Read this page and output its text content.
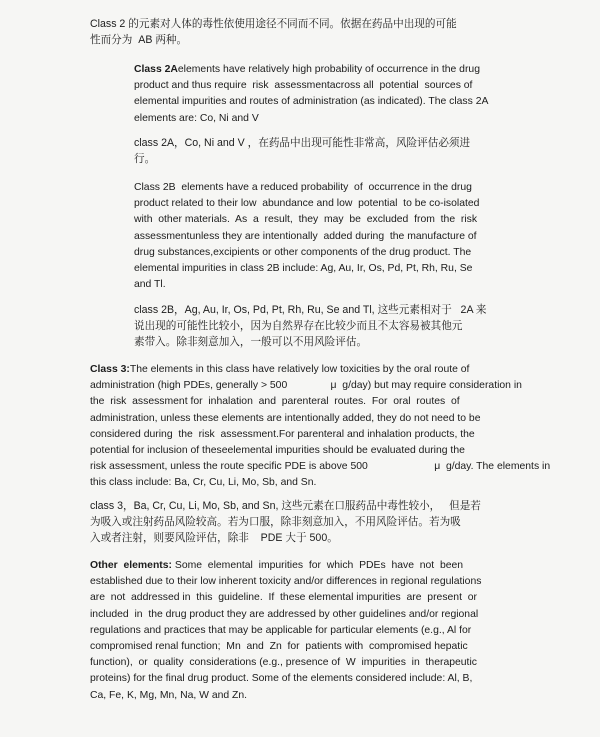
Class 2 的元素对人体的毒性依使用途径不同而不同。依据在药品中出现的可能
性而分为  AB 两种。
Class 2Aelements have relatively high probability of occurrence in the drug
product and thus require  risk  assessmentacross all  potential  sources of
elemental impurities and routes of administration (as indicated). The class 2A
elements are: Co, Ni and V
class 2A，Co, Ni and V ，在药品中出现可能性非常高，风险评估必须进
行。
Class 2B  elements have a reduced probability  of  occurrence in the drug
product related to their low  abundance and low  potential  to be co-isolated
with  other materials.  As  a  result,  they  may  be  excluded  from  the  risk
assessmentunless they are intentionally  added during  the manufacture of
drug substances,excipients or other components of the drug product. The
elemental impurities in class 2B include: Ag, Au, Ir, Os, Pd, Pt, Rh, Ru, Se
and Tl.
class 2B，Ag, Au, Ir, Os, Pd, Pt, Rh, Ru, Se and Tl, 这些元素相对于   2A 来
说出现的可能性比较小，因为自然界存在比较少而且不太容易被其他元
素带入。除非刻意加入，一般可以不用风险评估。
Class 3:The elements in this class have relatively low toxicities by the oral route of
administration (high PDEs, generally > 500               μ  g/day) but may require consideration in
the  risk  assessment for  inhalation  and  parenteral  routes.  For  oral  routes  of
administration, unless these elements are intentionally added, they do not need to be
considered during  the  risk  assessment.For parenteral and inhalation products, the
potential for inclusion of theseelemental impurities should be evaluated during the
risk assessment, unless the route specific PDE is above 500                       μ  g/day. The elements in
this class include: Ba, Cr, Cu, Li, Mo, Sb, and Sn.
class 3，Ba, Cr, Cu, Li, Mo, Sb, and Sn, 这些元素在口服药品中毒性较小，   但是若
为吸入或注射药品风险较高。若为口服，除非刻意加入，不用风险评估。若为吸
入或者注射，则要风险评估，除非    PDE 大于 500。
Other  elements: Some  elemental  impurities  for  which  PDEs  have  not  been
established due to their low inherent toxicity and/or differences in regional regulations
are  not  addressed in  this  guideline.  If  these elemental impurities  are  present  or
included  in  the drug product they are addressed by other guidelines and/or regional
regulations and practices that may be applicable for particular elements (e.g., Al for
compromised renal function;  Mn  and  Zn  for  patients with  compromised hepatic
function),  or  quality  considerations (e.g., presence of  W  impurities  in  therapeutic
proteins) for the final drug product. Some of the elements considered include: Al, B,
Ca, Fe, K, Mg, Mn, Na, W and Zn.
